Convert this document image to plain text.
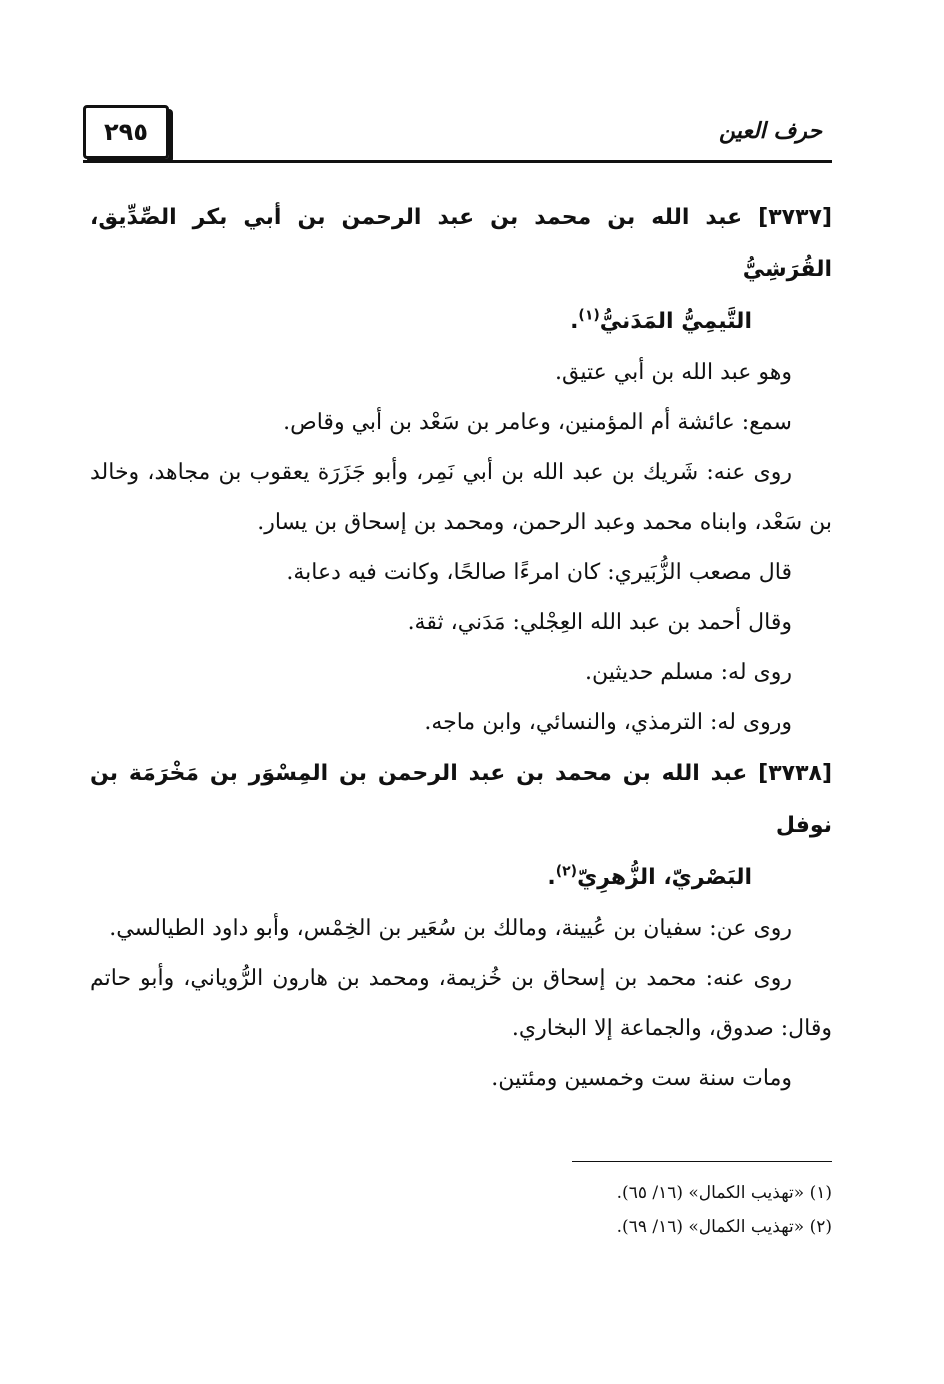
٢٩٥	حرف العين
[٣٧٣٧] عبد الله بن محمد بن عبد الرحمن بن أبي بكر الصِّدِّيق، القُرَشِيُّ
التَّيمِيُّ المَدَنيُّ$^{(١)}$.

وهو عبد الله بن أبي عتيق.

سمع: عائشة أم المؤمنين، وعامر بن سَعْد بن أبي وقاص.

روى عنه: شَريك بن عبد الله بن أبي نَمِر، وأبو جَزَرَة يعقوب بن مجاهد، وخالد بن سَعْد، وابناه محمد وعبد الرحمن، ومحمد بن إسحاق بن يسار.

قال مصعب الزُّبَيري: كان امرءًا صالحًا، وكانت فيه دعابة.

وقال أحمد بن عبد الله العِجْلي: مَدَني، ثقة.

روى له: مسلم حديثين.

وروى له: الترمذي، والنسائي، وابن ماجه.

[٣٧٣٨] عبد الله بن محمد بن عبد الرحمن بن المِسْوَر بن مَخْرَمَة بن نوفل
البَصْريّ، الزُّهرِيّ$^{(٢)}$.

روى عن: سفيان بن عُيينة، ومالك بن سُعَير بن الخِمْس، وأبو داود الطيالسي.

روى عنه: محمد بن إسحاق بن خُزيمة، ومحمد بن هارون الرُّوياني، وأبو حاتم وقال: صدوق، والجماعة إلا البخاري.

ومات سنة ست وخمسين ومئتين.

(١) «تهذيب الكمال» (١٦/ ٦٥).

(٢) «تهذيب الكمال» (١٦/ ٦٩).
